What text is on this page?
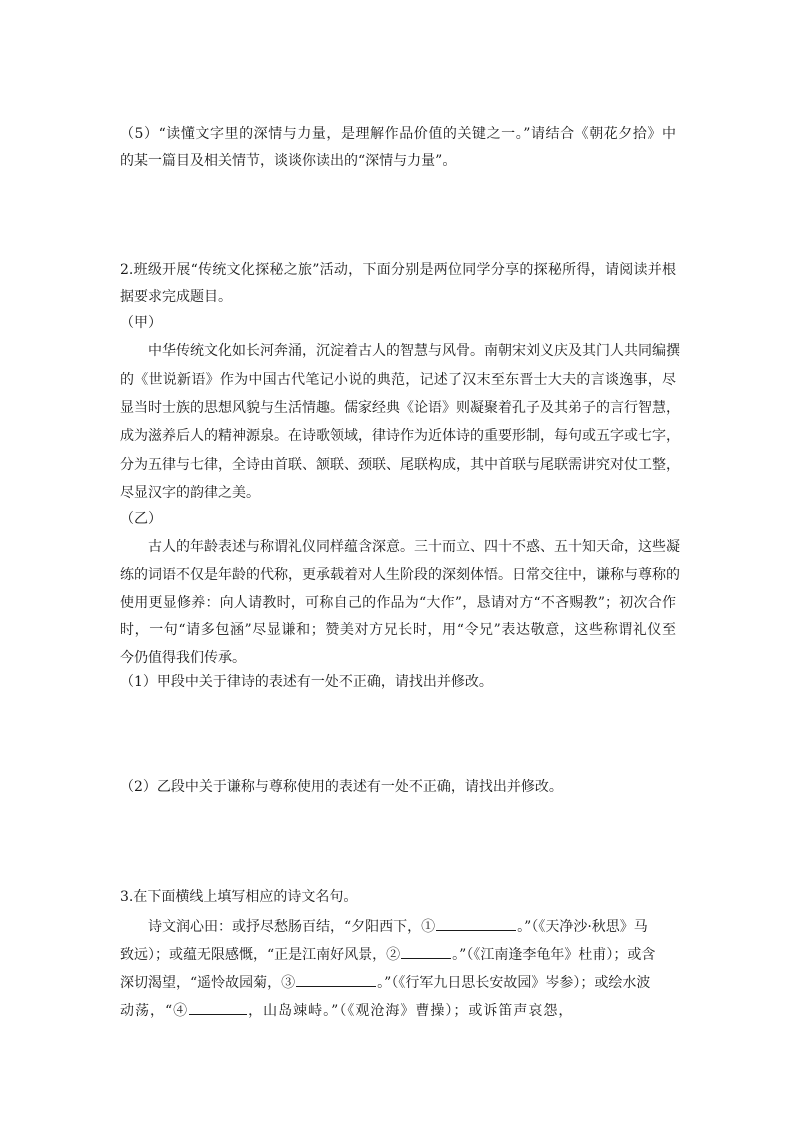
（5）“读懂文字里的深情与力量，是理解作品价值的关键之一。”请结合《朝花夕拾》中
的某一篇目及相关情节，谈谈你读出的“深情与力量”。
2.班级开展“传统文化探秘之旅”活动，下面分别是两位同学分享的探秘所得，请阅读并根
据要求完成题目。
（甲）
中华传统文化如长河奔涌，沉淀着古人的智慧与风骨。南朝宋刘义庆及其门人共同编撰
的《世说新语》作为中国古代笔记小说的典范，记述了汉末至东晋士大夫的言谈逸事，尽
显当时士族的思想风貌与生活情趣。儒家经典《论语》则凝聚着孔子及其弟子的言行智慧，
成为滋养后人的精神源泉。在诗歌领域，律诗作为近体诗的重要形制，每句或五字或七字，
分为五律与七律，全诗由首联、颔联、颈联、尾联构成，其中首联与尾联需讲究对仗工整，
尽显汉字的韵律之美。
（乙）
古人的年龄表述与称谓礼仪同样蕴含深意。三十而立、四十不惑、五十知天命，这些凝
练的词语不仅是年龄的代称，更承载着对人生阶段的深刻体悟。日常交往中，谦称与尊称的
使用更显修养：向人请教时，可称自己的作品为“大作”，恳请对方“不吝赐教”；初次合作
时，一句“请多包涵”尽显谦和；赞美对方兄长时，用“令兄”表达敬意，这些称谓礼仪至
今仍值得我们传承。
（1）甲段中关于律诗的表述有一处不正确，请找出并修改。
（2）乙段中关于谦称与尊称使用的表述有一处不正确，请找出并修改。
3.在下面横线上填写相应的诗文名句。
诗文润心田：或抒尽愁肠百结，“夕阳西下，①	。”（《天净沙·秋思》马
致远）；或蕴无限感慨，“正是江南好风景，②	。”（《江南逢李龟年》杜甫）；或含
深切渴望，“遥怜故园菊，③	。”（《行军九日思长安故园》岑参）；或绘水波
动荡，“④	，山岛竦峙。”（《观沧海》曹操）；或诉笛声哀怨，
